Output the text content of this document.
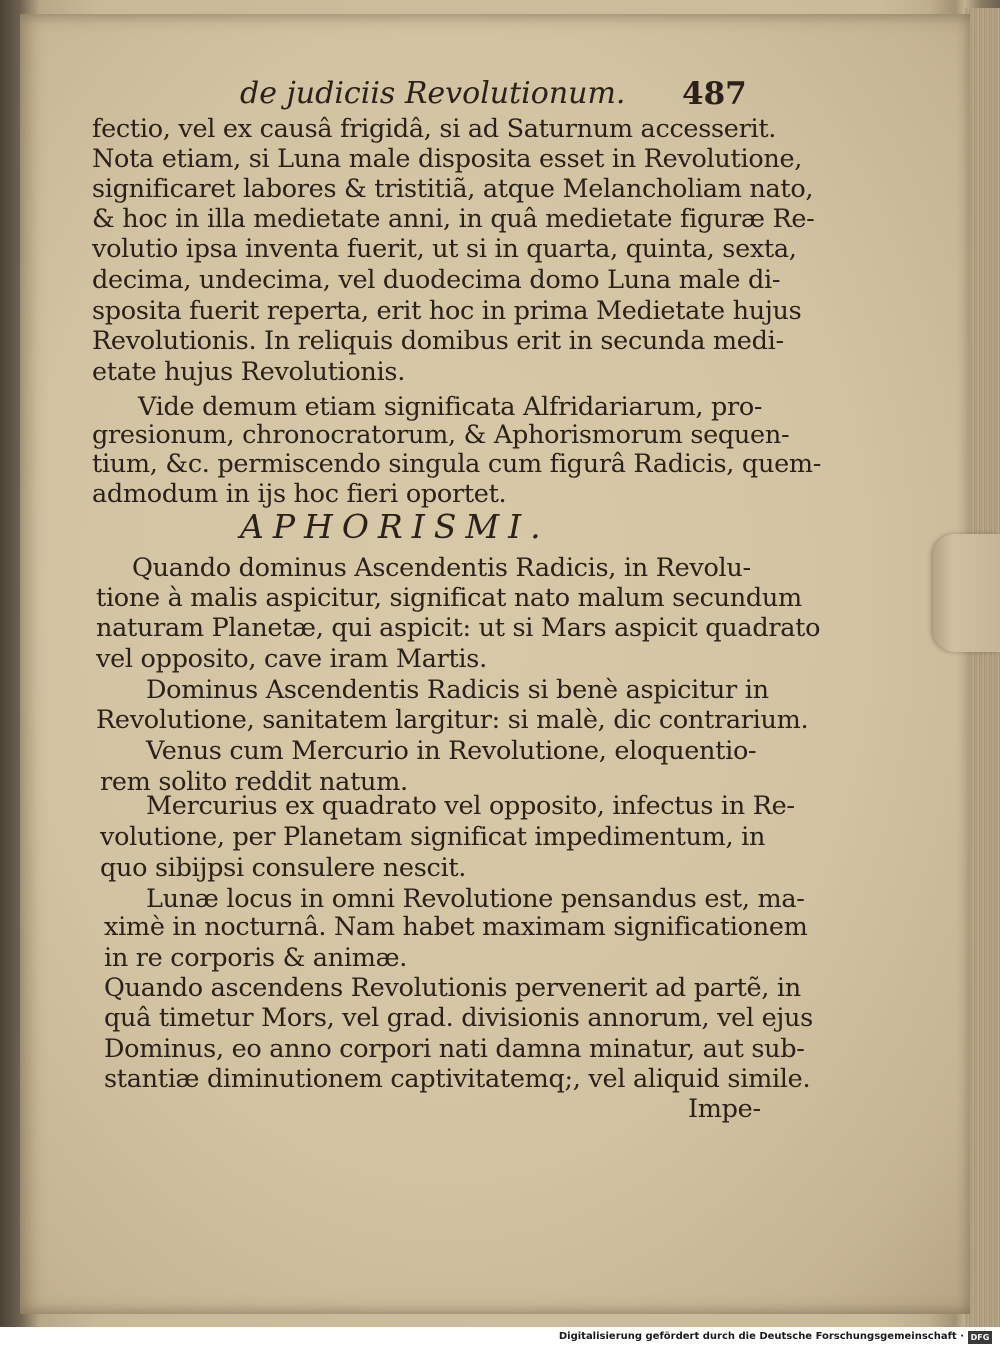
de judiciis Revolutionum. 487
fectio, vel ex causâ frigidâ, si ad Saturnum accesserit.
Nota etiam, si Luna male disposita esset in Revolutione,
significaret labores & tristitiã, atque Melancholiam nato,
& hoc in illa medietate anni, in quâ medietate figuræ Re-
volutio ipsa inventa fuerit, ut si in quarta, quinta, sexta,
decima, undecima, vel duodecima domo Luna male di-
sposita fuerit reperta, erit hoc in prima Medietate hujus
Revolutionis. In reliquis domibus erit in secunda medi-
etate hujus Revolutionis.
Vide demum etiam significata Alfridariarum, pro-
gresionum, chronocratorum, & Aphorismorum sequen-
tium, &c. permiscendo singula cum figurâ Radicis, quem-
admodum in ijs hoc fieri oportet.
APHORISMI.
Quando dominus Ascendentis Radicis, in Revolu-
tione à malis aspicitur, significat nato malum secundum
naturam Planetæ, qui aspicit: ut si Mars aspicit quadrato
vel opposito, cave iram Martis.
Dominus Ascendentis Radicis si benè aspicitur in
Revolutione, sanitatem largitur: si malè, dic contrarium.
Venus cum Mercurio in Revolutione, eloquentio-
rem solito reddit natum.
Mercurius ex quadrato vel opposito, infectus in Re-
volutione, per Planetam significat impedimentum, in
quo sibijpsi consulere nescit.
Lunæ locus in omni Revolutione pensandus est, ma-
ximè in nocturnâ. Nam habet maximam significationem
in re corporis & animæ.
Quando ascendens Revolutionis pervenerit ad partẽ, in
quâ timetur Mors, vel grad. divisionis annorum, vel ejus
Dominus, eo anno corpori nati damna minatur, aut sub-
stantiæ diminutionem captivitatemq;, vel aliquid simile.
Impe-
Digitalisierung gefördert durch die Deutsche Forschungsgemeinschaft · DFG
